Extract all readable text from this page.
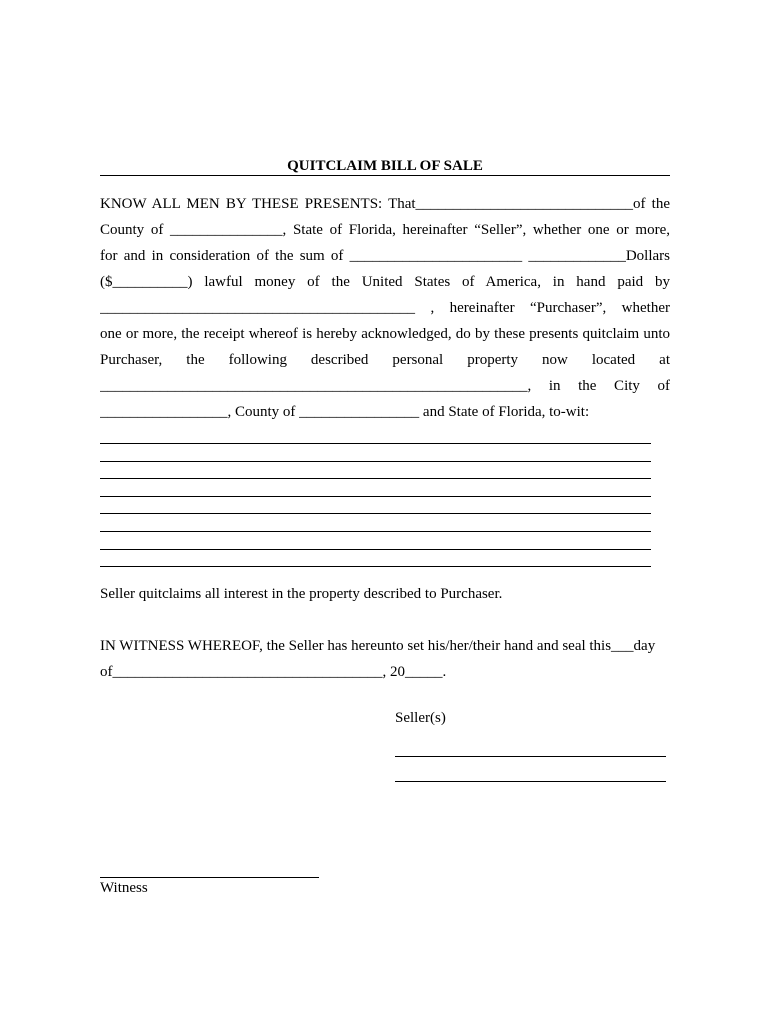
QUITCLAIM BILL OF SALE
KNOW ALL MEN BY THESE PRESENTS: That_____________________________of the
County of _______________, State of Florida, hereinafter “Seller”, whether one or more,
for and in consideration of the sum of _______________________ _____________Dollars
($__________) lawful money of the United States of America, in hand paid by
__________________________________________ , hereinafter “Purchaser”, whether
one or more, the receipt whereof is hereby acknowledged, do by these presents quitclaim unto
Purchaser, the following described personal property now located at
_________________________________________________________, in the City of
_________________, County of ________________ and State of Florida, to-wit:
Seller quitclaims all interest in the property described to Purchaser.
IN WITNESS WHEREOF, the Seller has hereunto set his/her/their hand and seal this___day
of____________________________________, 20_____.
Seller(s)
Witness
